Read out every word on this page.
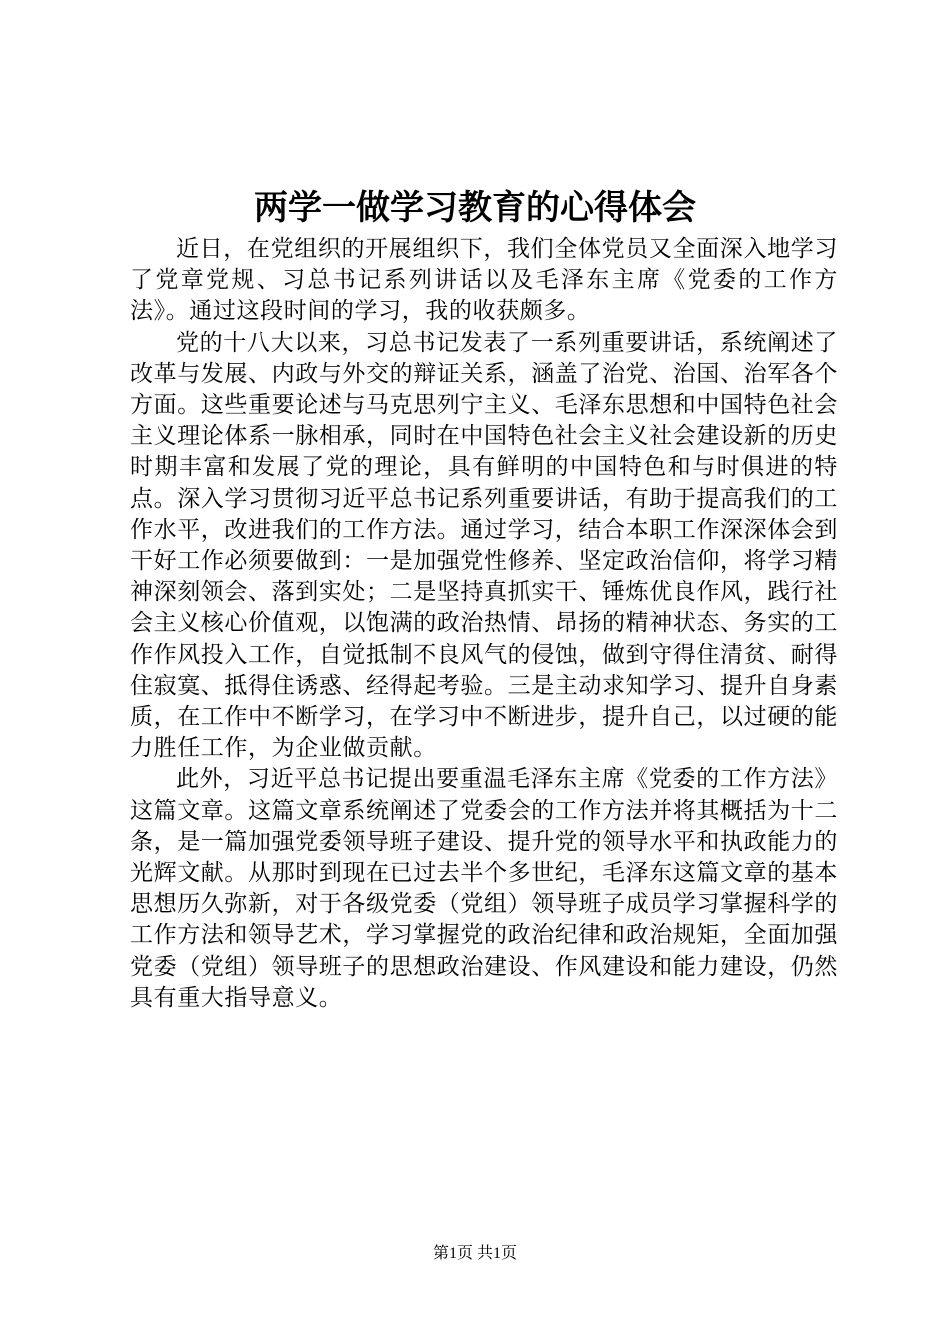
两学一做学习教育的心得体会

近日，在党组织的开展组织下，我们全体党员又全面深入地学习了党章党规、习总书记系列讲话以及毛泽东主席《党委的工作方法》。通过这段时间的学习，我的收获颇多。

党的十八大以来，习总书记发表了一系列重要讲话，系统阐述了改革与发展、内政与外交的辩证关系，涵盖了治党、治国、治军各个方面。这些重要论述与马克思列宁主义、毛泽东思想和中国特色社会主义理论体系一脉相承，同时在中国特色社会主义社会建设新的历史时期丰富和发展了党的理论，具有鲜明的中国特色和与时俱进的特点。深入学习贯彻习近平总书记系列重要讲话，有助于提高我们的工作水平，改进我们的工作方法。通过学习，结合本职工作深深体会到干好工作必须要做到：一是加强党性修养、坚定政治信仰，将学习精神深刻领会、落到实处；二是坚持真抓实干、锤炼优良作风，践行社会主义核心价值观，以饱满的政治热情、昂扬的精神状态、务实的工作作风投入工作，自觉抵制不良风气的侵蚀，做到守得住清贫、耐得住寂寞、抵得住诱惑、经得起考验。三是主动求知学习、提升自身素质，在工作中不断学习，在学习中不断进步，提升自己，以过硬的能力胜任工作，为企业做贡献。

此外，习近平总书记提出要重温毛泽东主席《党委的工作方法》这篇文章。这篇文章系统阐述了党委会的工作方法并将其概括为十二条，是一篇加强党委领导班子建设、提升党的领导水平和执政能力的光辉文献。从那时到现在已过去半个多世纪，毛泽东这篇文章的基本思想历久弥新，对于各级党委（党组）领导班子成员学习掌握科学的工作方法和领导艺术，学习掌握党的政治纪律和政治规矩，全面加强党委（党组）领导班子的思想政治建设、作风建设和能力建设，仍然具有重大指导意义。

第1页 共1页
